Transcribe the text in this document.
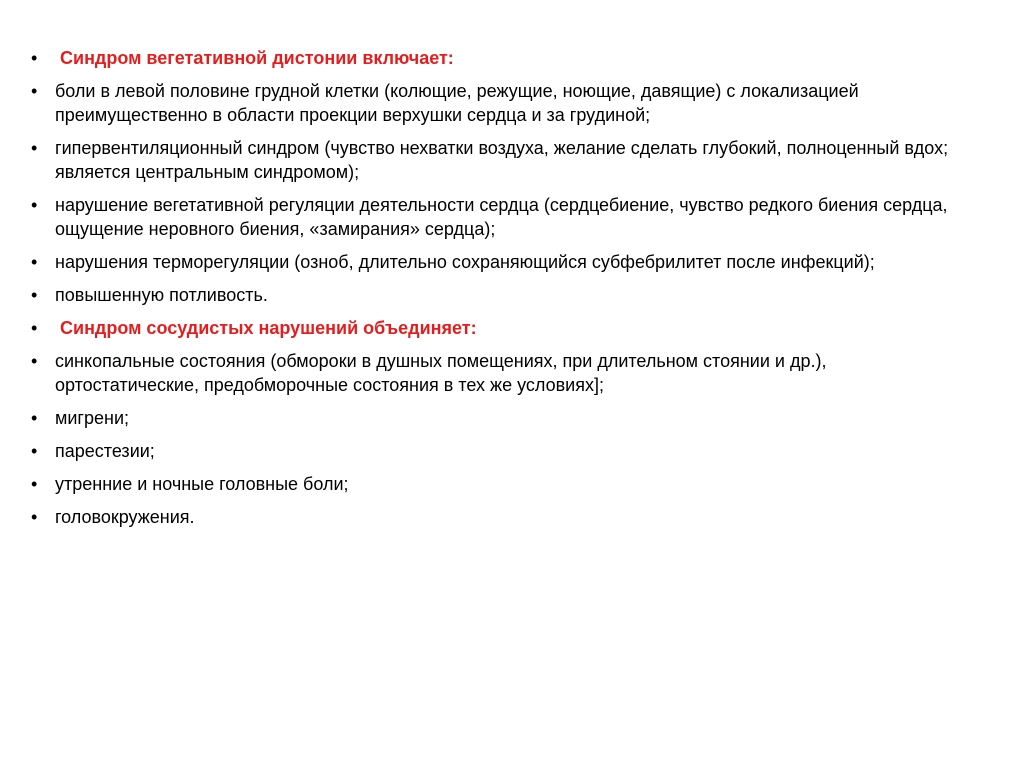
• Синдром вегетативной дистонии включает:
• боли в левой половине грудной клетки (колющие, режущие, ноющие, давящие) с локализацией преимущественно в области проекции верхушки сердца и за грудиной;
• гипервентиляционный синдром (чувство нехватки воздуха, желание сделать глубокий, полноценный вдох; является центральным синдромом);
• нарушение вегетативной регуляции деятельности сердца (сердцебиение, чувство редкого биения сердца, ощущение неровного биения, «замирания» сердца);
• нарушения терморегуляции (озноб, длительно сохраняющийся субфебрилитет после инфекций);
• повышенную потливость.
• Синдром сосудистых нарушений объединяет:
• синкопальные состояния (обмороки в душных помещениях, при длительном стоянии и др.), ортостатические, предобморочные состояния в тех же условиях];
• мигрени;
• парестезии;
• утренние и ночные головные боли;
• головокружения.
